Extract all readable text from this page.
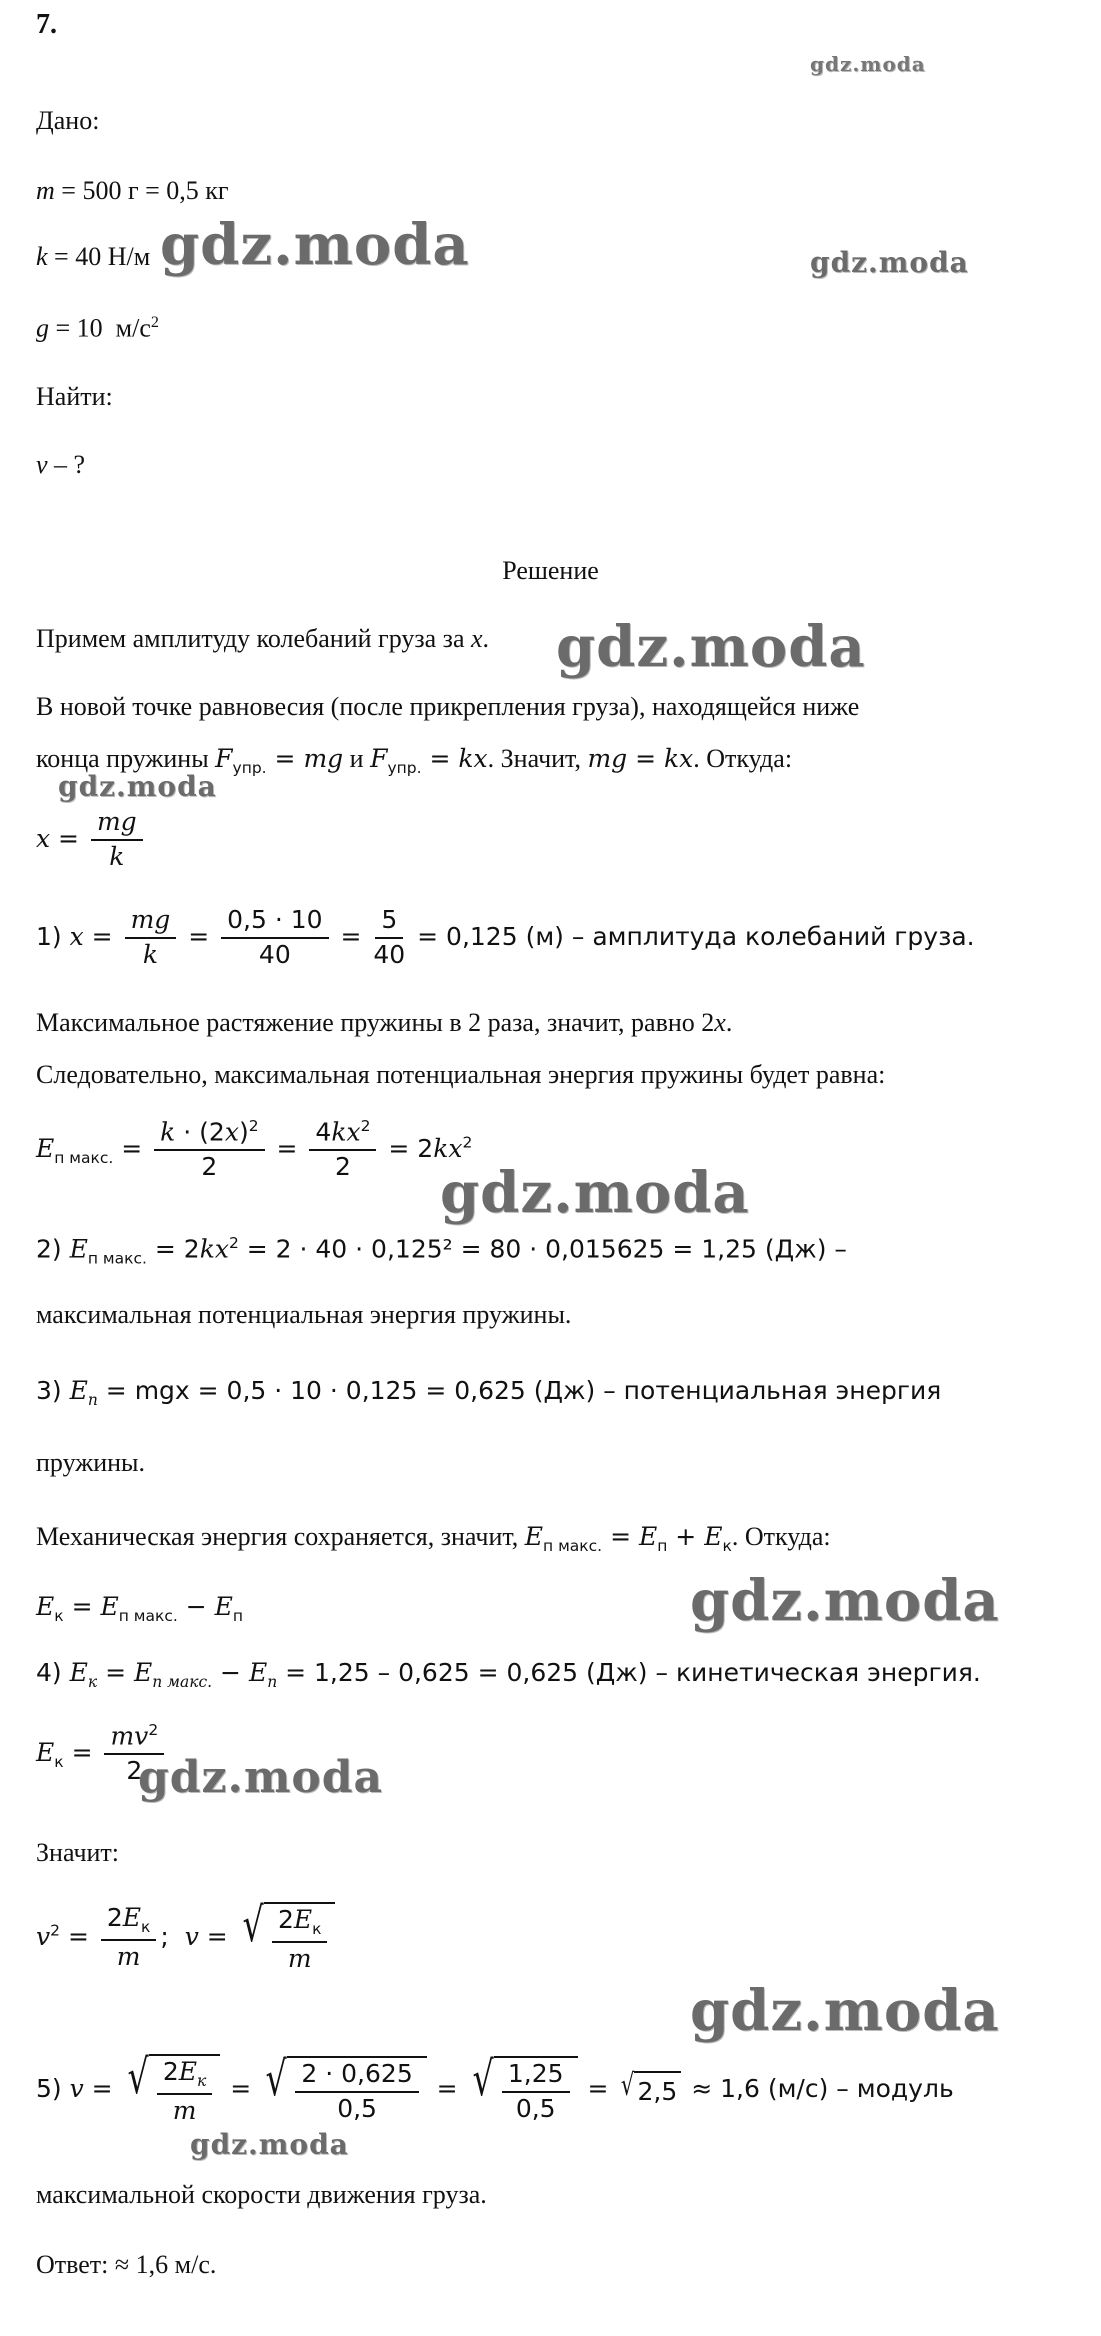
7.
Дано:
m = 500 г = 0,5 кг
k = 40 Н/м
g = 10 $м/с^2$
Найти:
v – ?
Решение
Примем амплитуду колебаний груза за x.
В новой точке равновесия (после прикрепления груза), находящейся ниже
конца пружины $F_{упр.}$ = mg и $F_{упр.}$ = kx. Значит, mg = kx. Откуда:
$x = \frac{mg}{k}$
1) $x = \frac{mg}{k} = \frac{0,5 \cdot 10}{40} = \frac{5}{40} = 0,125$ (м) – амплитуда колебаний груза.
Максимальное растяжение пружины в 2 раза, значит, равно 2x.
Следовательно, максимальная потенциальная энергия пружины будет равна:
$E_{п макс.} = \frac{k \cdot (2x)^2}{2} = \frac{4kx^2}{2} = 2kx^2$
2) $E_{п макс.} = 2kx^2 = 2 \cdot 40 \cdot 0,125^2 = 80 \cdot 0,015625 = 1,25$ (Дж) –
максимальная потенциальная энергия пружины.
3) $E_n$ = mgx = 0,5 · 10 · 0,125 = 0,625 (Дж) – потенциальная энергия
пружины.
Механическая энергия сохраняется, значит, $E_{п макс.} = E_п + E_к$. Откуда:
$E_к = E_{п макс.} - E_п$
4) $E_к = E_{п макс.} - E_п = 1,25 - 0,625 = 0,625$ (Дж) – кинетическая энергия.
$E_к = \frac{mv^2}{2}$
Значит:
$v^2 = \frac{2E_к}{m}$ ;  v = √ $\frac{2E_к}{m}$
5) v = √ $\frac{2E_к}{m}$ = √ $\frac{2 \cdot 0,625}{0,5}$ = √ $\frac{1,25}{0,5}$ = √ 2,5 ≈ 1,6 (м/с) – модуль
максимальной скорости движения груза.
Ответ: ≈ 1,6 м/с.
gdz.moda
gdz.moda	gdz.moda
gdz.moda
gdz.moda
gdz.moda
gdz.moda
gdz.moda
gdz.moda
gdz.moda
